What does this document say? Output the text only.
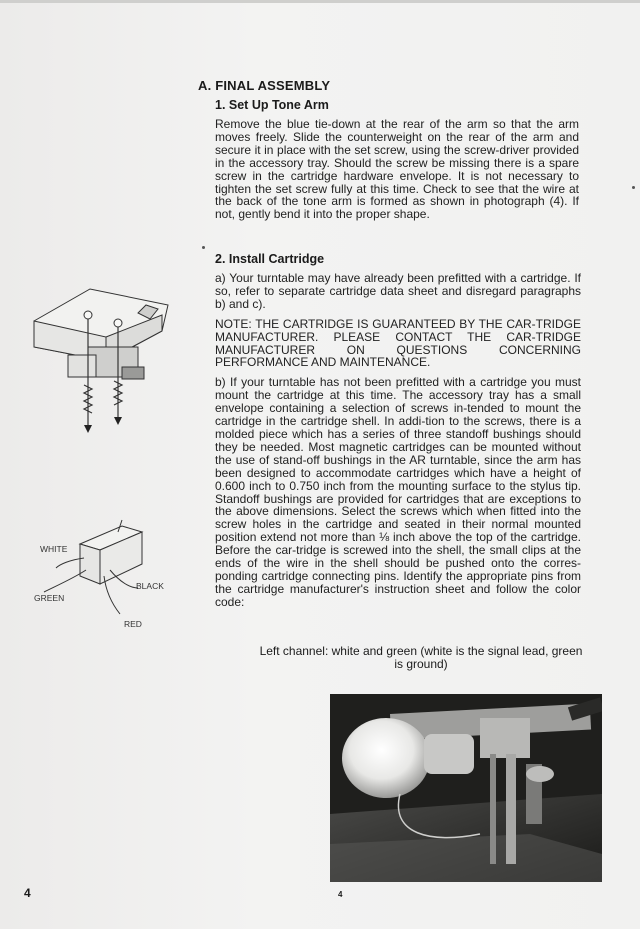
A. FINAL ASSEMBLY
1. Set Up Tone Arm

Remove the blue tie-down at the rear of the arm so that the arm moves freely. Slide the counterweight on the rear of the arm and secure it in place with the set screw, using the screw-driver provided in the accessory tray. Should the screw be missing there is a spare screw in the cartridge hardware envelope. It is not necessary to tighten the set screw fully at this time. Check to see that the wire at the back of the tone arm is formed as shown in photograph (4). If not, gently bend it into the proper shape.

2. Install Cartridge

a) Your turntable may have already been prefitted with a cartridge. If so, refer to separate cartridge data sheet and disregard paragraphs b) and c).

NOTE: THE CARTRIDGE IS GUARANTEED BY THE CAR-TRIDGE MANUFACTURER. PLEASE CONTACT THE CAR-TRIDGE MANUFACTURER ON QUESTIONS CONCERNING PERFORMANCE AND MAINTENANCE.

b) If your turntable has not been prefitted with a cartridge you must mount the cartridge at this time. The accessory tray has a small envelope containing a selection of screws in-tended to mount the cartridge in the cartridge shell. In addi-tion to the screws, there is a molded piece which has a series of three standoff bushings should they be needed. Most magnetic cartridges can be mounted without the use of stand-off bushings in the AR turntable, since the arm has been designed to accommodate cartridges which have a height of 0.600 inch to 0.750 inch from the mounting surface to the stylus tip. Standoff bushings are provided for cartridges that are exceptions to the above dimensions. Select the screws which when fitted into the screw holes in the cartridge and seated in their normal mounted position extend not more than ⅛ inch above the top of the cartridge. Before the car-tridge is screwed into the shell, the small clips at the ends of the wire in the shell should be pushed onto the corres-ponding cartridge connecting pins. Identify the appropriate pins from the cartridge manufacturer's instruction sheet and follow the color code:

Left channel: white and green (white is the signal lead, green is ground)
WHITE
BLACK
GREEN
RED
4	4
